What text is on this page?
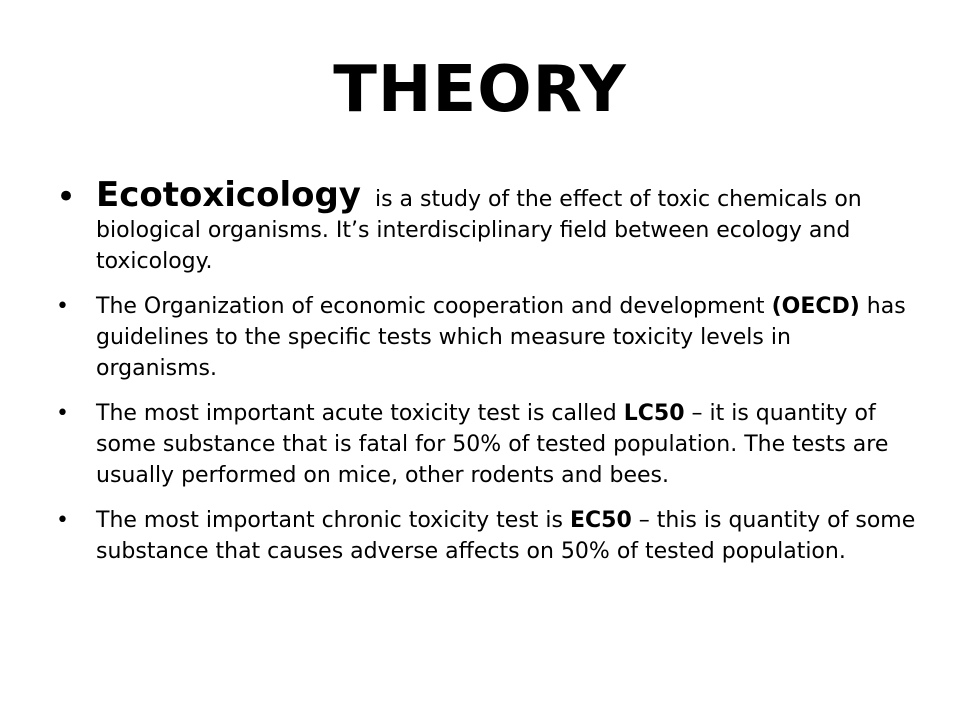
THEORY
• Ecotoxicology  is a study of the effect of toxic chemicals on biological organisms. It’s interdisciplinary field between ecology and toxicology.
•	The Organization of economic cooperation and development (OECD) has guidelines to the specific tests which measure toxicity levels in organisms.
•	The most important acute toxicity test is called LC50 – it is quantity of some substance that is fatal for 50% of tested population. The tests are usually performed on mice, other rodents and bees.
•	The most important chronic toxicity test is EC50 – this is quantity of some substance that causes adverse affects on 50% of tested population.
